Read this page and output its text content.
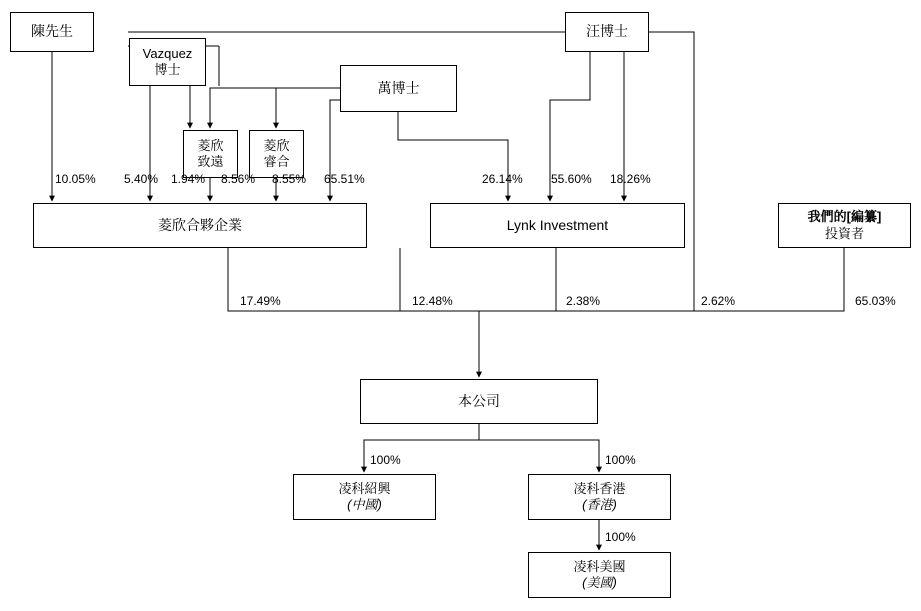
陳先生
Vazquez
博士
萬博士
汪博士
菱欣
致遠
菱欣
睿合
菱欣合夥企業	Lynk Investment	我們的[編纂]
投資者
本公司
凌科紹興
(中國)
凌科香港
(香港)
凌科美國
(美國)
10.05% 5.40% 1.94% 8.56% 8.55% 65.51%	26.14% 55.60% 18.26%
17.49%	12.48%	2.38%	2.62%	65.03%
100%	100%
100%
